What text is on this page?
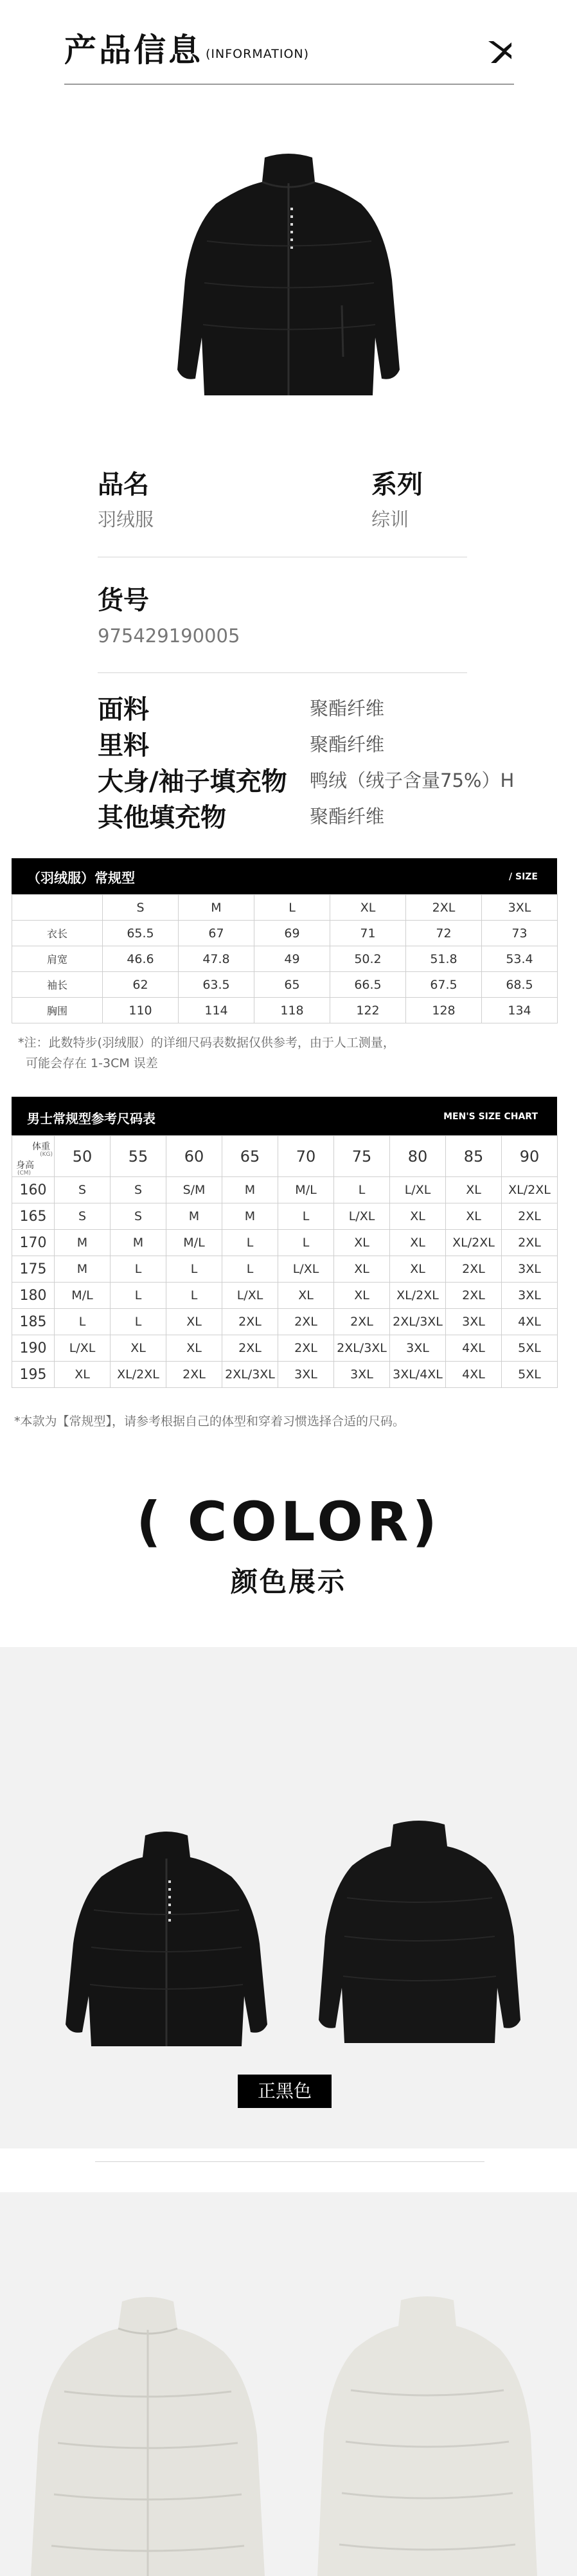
产品信息 (INFORMATION)
品名	系列
羽绒服	综训
货号
975429190005
面料	聚酯纤维
里料	聚酯纤维
大身/袖子填充物 鸭绒（绒子含量75%）H
其他填充物	聚酯纤维
（羽绒服）常规型	/ SIZE
	S	M	L	XL	2XL	3XL
衣长	65.5	67	69	71	72	73
肩宽	46.6	47.8	49	50.2	51.8	53.4
袖长	62	63.5	65	66.5	67.5	68.5
胸围	110	114	118	122	128	134
*注：此数特步(羽绒服）的详细尺码表数据仅供参考，由于人工测量，
可能会存在 1-3CM 误差
男士常规型参考尺码表	MEN'S SIZE CHART
体重
(KG)
身高
(CM)	50	55	60	65	70	75	80	85	90
160	S	S	S/M	M	M/L	L	L/XL	XL	XL/2XL
165	S	S	M	M	L	L/XL	XL	XL	2XL
170	M	M	M/L	L	L	XL	XL	XL/2XL	2XL
175	M	L	L	L	L/XL	XL	XL	2XL	3XL
180	M/L	L	L	L/XL	XL	XL	XL/2XL	2XL	3XL
185	L	L	XL	2XL	2XL	2XL	2XL/3XL	3XL	4XL
190	L/XL	XL	XL	2XL	2XL	2XL/3XL	3XL	4XL	5XL
195	XL	XL/2XL	2XL	2XL/3XL	3XL	3XL	3XL/4XL	4XL	5XL
*本款为【常规型】，请参考根据自己的体型和穿着习惯选择合适的尺码。
( COLOR)
颜色展示
正黑色
